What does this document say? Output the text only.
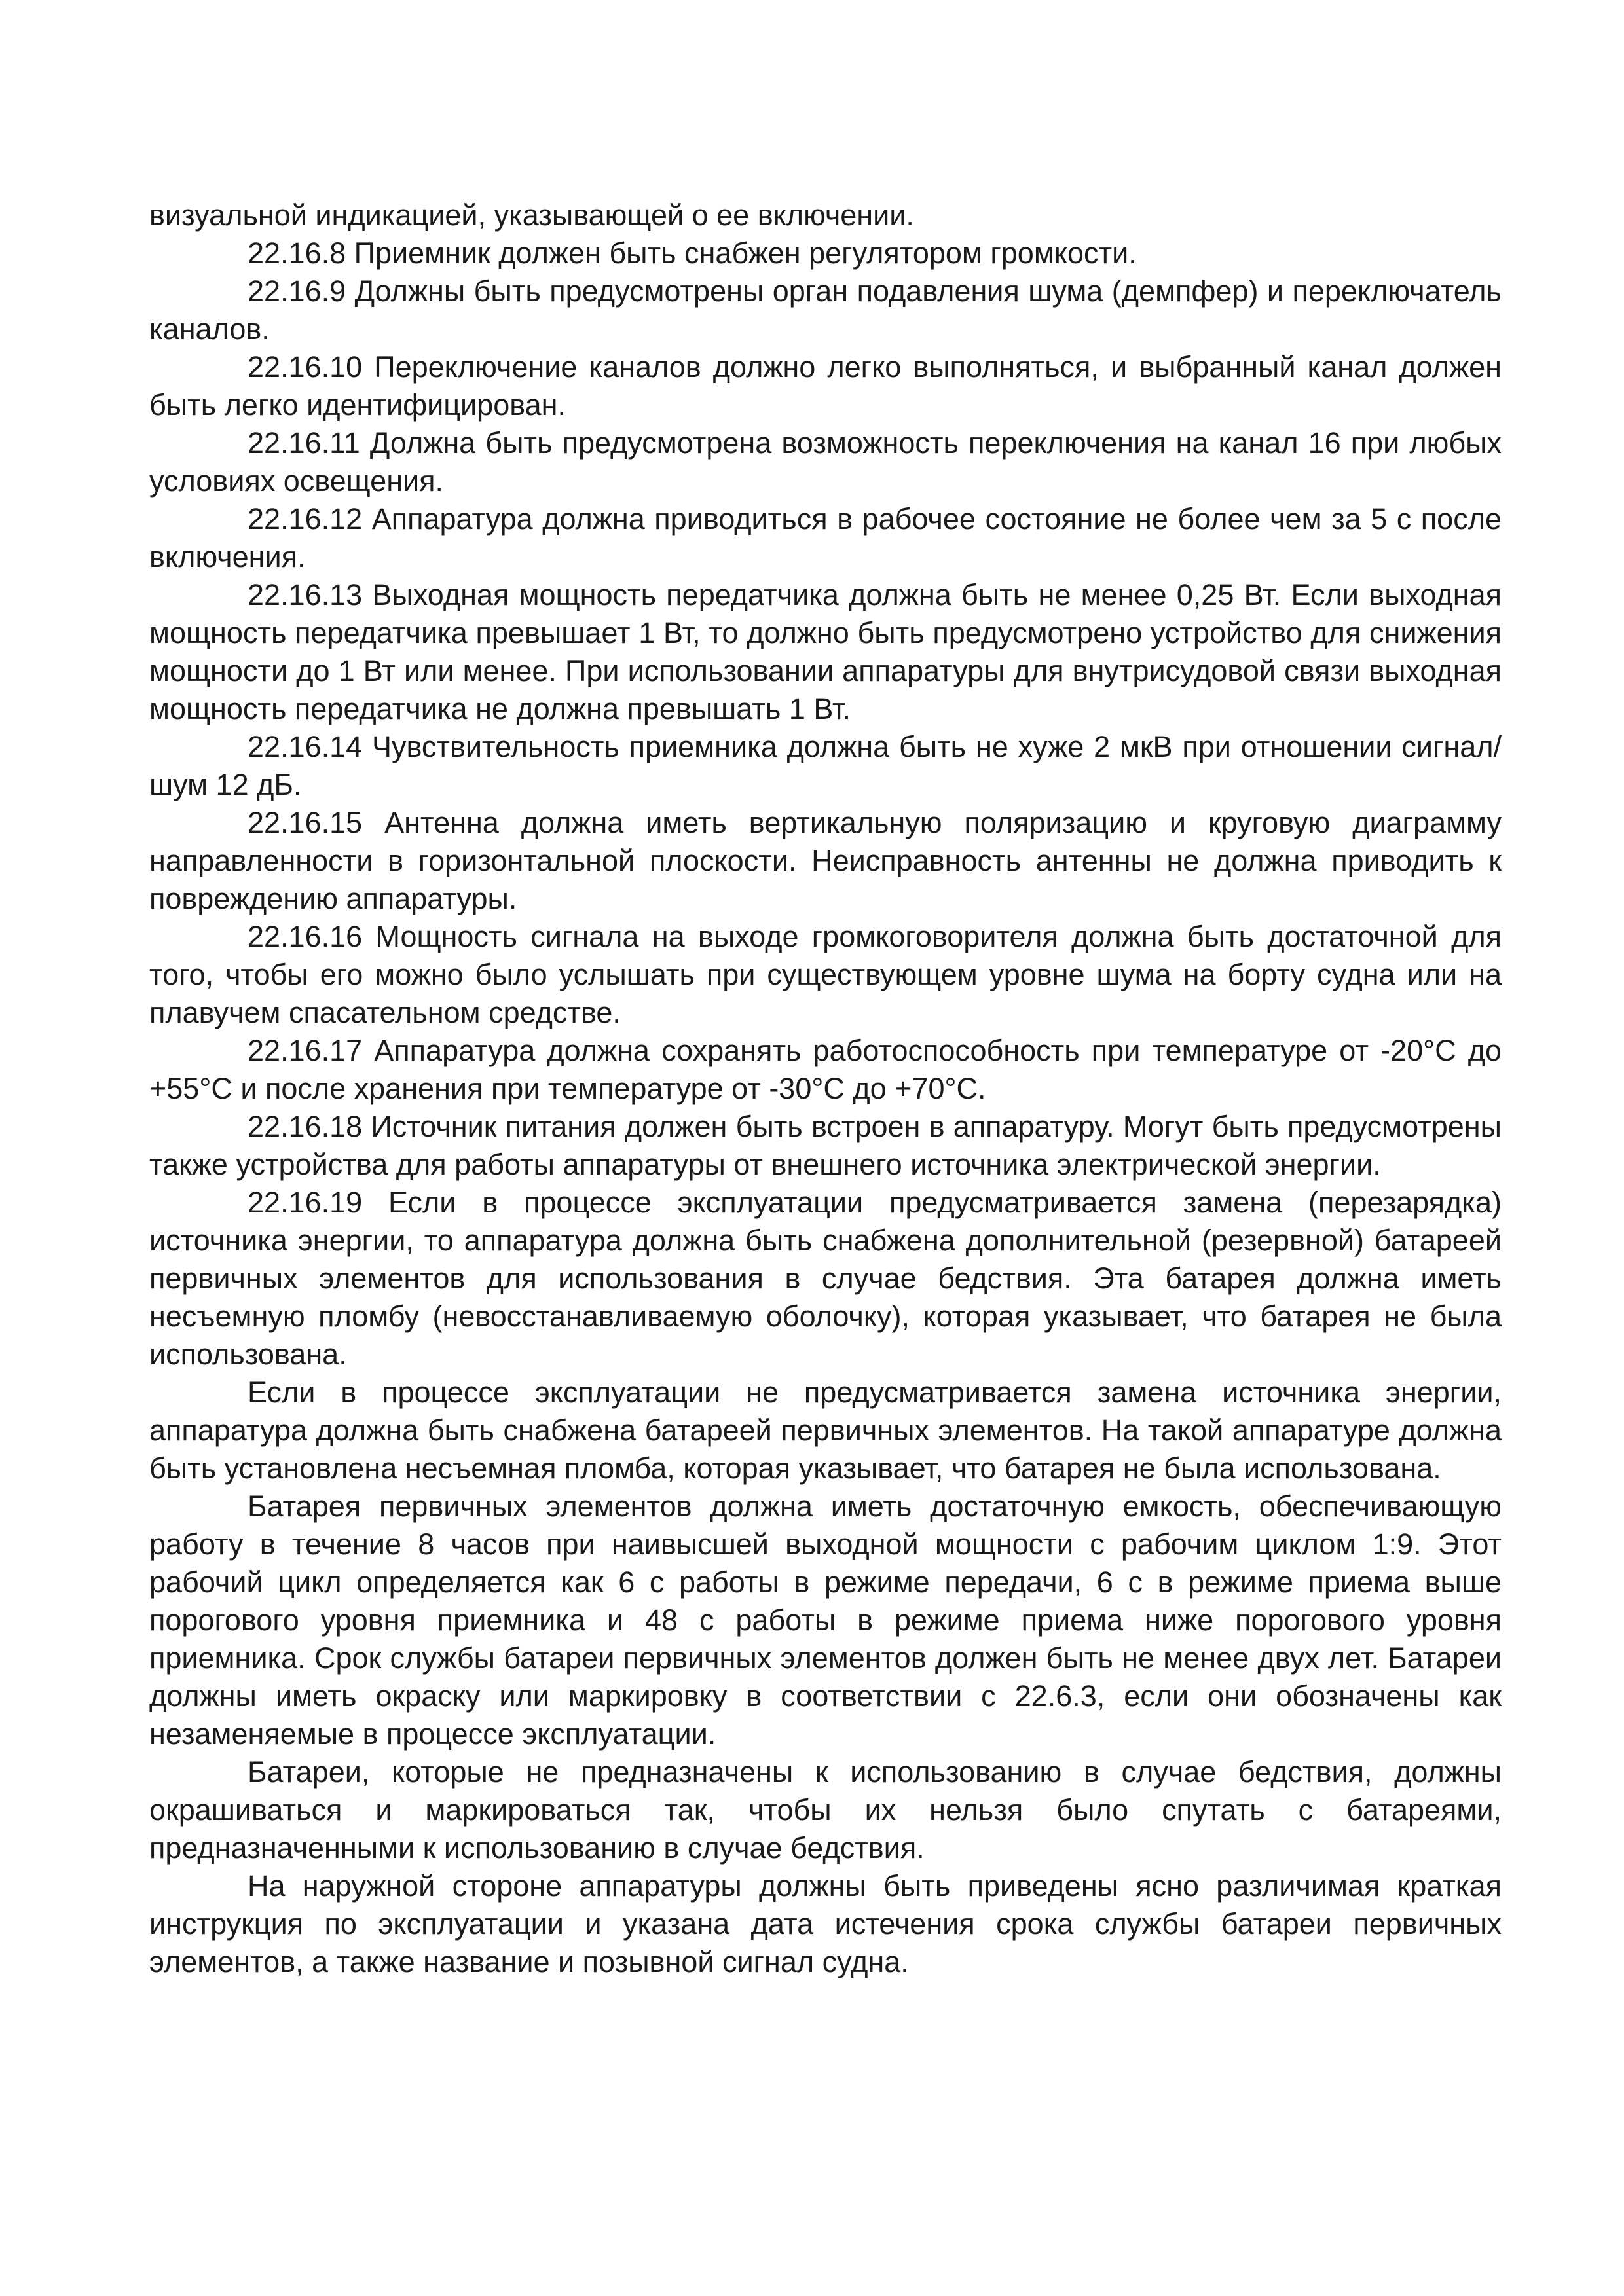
визуальной индикацией, указывающей о ее включении.

22.16.8 Приемник должен быть снабжен регулятором громкости.

22.16.9 Должны быть предусмотрены орган подавления шума (демпфер) и переключатель каналов.

22.16.10 Переключение каналов должно легко выполняться, и выбранный канал должен быть легко идентифицирован.

22.16.11 Должна быть предусмотрена возможность переключения на канал 16 при любых условиях освещения.

22.16.12 Аппаратура должна приводиться в рабочее состояние не более чем за 5 с после включения.

22.16.13 Выходная мощность передатчика должна быть не менее 0,25 Вт. Если выходная мощность передатчика превышает 1 Вт, то должно быть предусмотрено устройство для снижения мощности до 1 Вт или менее. При использовании аппаратуры для внутрисудовой связи выходная мощность передатчика не должна превышать 1 Вт.

22.16.14 Чувствительность приемника должна быть не хуже 2 мкВ при отношении сигнал/шум 12 дБ.

22.16.15 Антенна должна иметь вертикальную поляризацию и круговую диаграмму направленности в горизонтальной плоскости. Неисправность антенны не должна приводить к повреждению аппаратуры.

22.16.16 Мощность сигнала на выходе громкоговорителя должна быть достаточной для того, чтобы его можно было услышать при существующем уровне шума на борту судна или на плавучем спасательном средстве.

22.16.17 Аппаратура должна сохранять работоспособность при температуре от -20°С до +55°С и после хранения при температуре от -30°С до +70°С.

22.16.18 Источник питания должен быть встроен в аппаратуру. Могут быть предусмотрены также устройства для работы аппаратуры от внешнего источника электрической энергии.

22.16.19 Если в процессе эксплуатации предусматривается замена (перезарядка) источника энергии, то аппаратура должна быть снабжена дополнительной (резервной) батареей первичных элементов для использования в случае бедствия. Эта батарея должна иметь несъемную пломбу (невосстанавливаемую оболочку), которая указывает, что батарея не была использована.

Если в процессе эксплуатации не предусматривается замена источника энергии, аппаратура должна быть снабжена батареей первичных элементов. На такой аппаратуре должна быть установлена несъемная пломба, которая указывает, что батарея не была использована.

Батарея первичных элементов должна иметь достаточную емкость, обеспечивающую работу в течение 8 часов при наивысшей выходной мощности с рабочим циклом 1:9. Этот рабочий цикл определяется как 6 с работы в режиме передачи, 6 с в режиме приема выше порогового уровня приемника и 48 с работы в режиме приема ниже порогового уровня приемника. Срок службы батареи первичных элементов должен быть не менее двух лет. Батареи должны иметь окраску или маркировку в соответствии с 22.6.3, если они обозначены как незаменяемые в процессе эксплуатации.

Батареи, которые не предназначены к использованию в случае бедствия, должны окрашиваться и маркироваться так, чтобы их нельзя было спутать с батареями, предназначенными к использованию в случае бедствия.

На наружной стороне аппаратуры должны быть приведены ясно различимая краткая инструкция по эксплуатации и указана дата истечения срока службы батареи первичных элементов, а также название и позывной сигнал судна.
